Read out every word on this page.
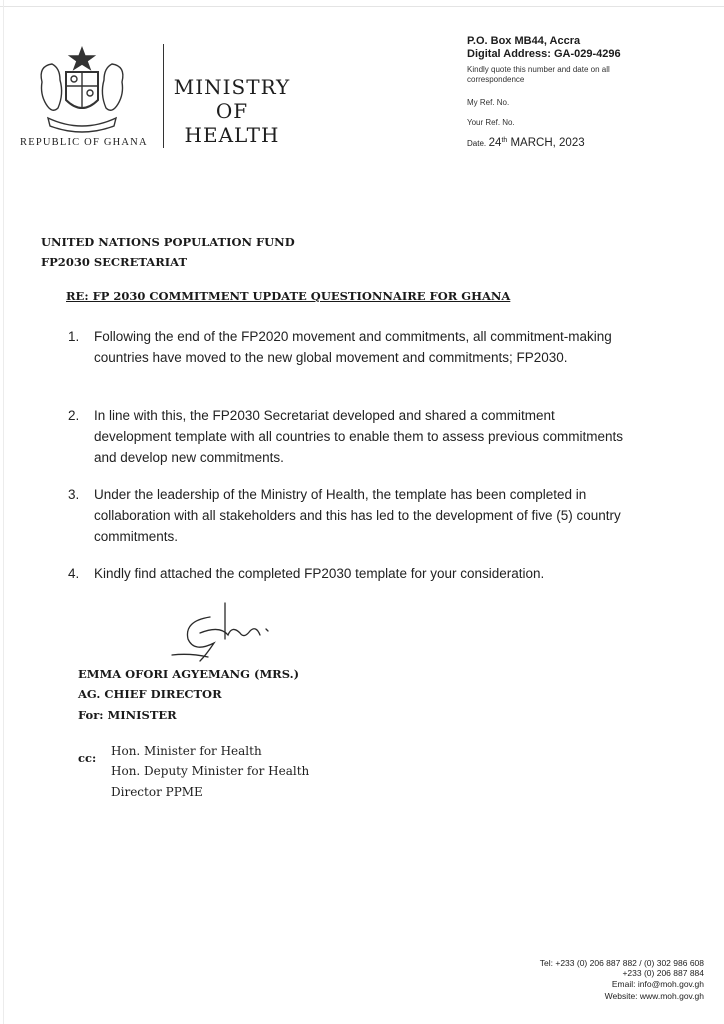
REPUBLIC OF GHANA
MINISTRY
OF
HEALTH
P.O. Box MB44, Accra
Digital Address: GA-029-4296
Kindly quote this number and date on all correspondence
My Ref. No.
Your Ref. No.
Date. 24th MARCH, 2023
UNITED NATIONS POPULATION FUND
FP2030 SECRETARIAT
RE: FP 2030 COMMITMENT UPDATE QUESTIONNAIRE FOR GHANA
1.	Following the end of the FP2020 movement and commitments, all commitment-making countries have moved to the new global movement and commitments; FP2030.
2.	In line with this, the FP2030 Secretariat developed and shared a commitment development template with all countries to enable them to assess previous commitments and develop new commitments.
3.	Under the leadership of the Ministry of Health, the template has been completed in collaboration with all stakeholders and this has led to the development of five (5) country commitments.
4.	Kindly find attached the completed FP2030 template for your consideration.
EMMA OFORI AGYEMANG (MRS.)
AG. CHIEF DIRECTOR
For: MINISTER
cc: Hon. Minister for Health
Hon. Deputy Minister for Health
Director PPME
Tel: +233 (0) 206 887 882 / (0) 302 986 608
+233 (0) 206 887 884
Email: info@moh.gov.gh
Website: www.moh.gov.gh
